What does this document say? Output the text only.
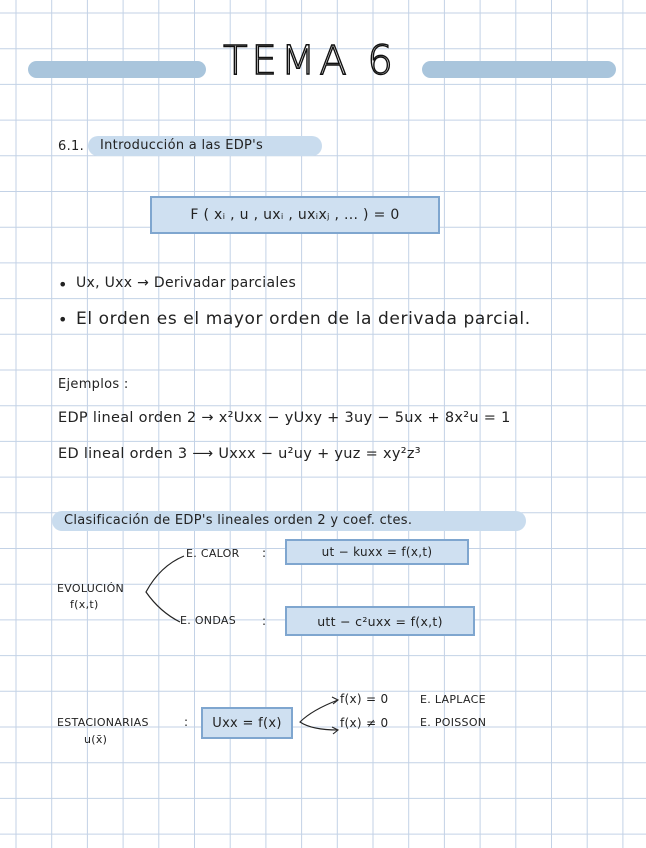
TEMA 6
6.1. Introducción a las EDP's
F ( xᵢ , u , uxᵢ , uxᵢxⱼ , ... ) = 0
• Ux, Uxx → Derivadar parciales
• El orden es el mayor orden de la derivada parcial.
Ejemplos :
EDP lineal orden 2 → x²Uxx − yUxy + 3uy − 5ux + 8x²u = 1
ED lineal orden 3 ⟶ Uxxx − u²uy + yuz = xy²z³
Clasificación de EDP's lineales orden 2 y coef. ctes.
EVOLUCIÓN
f(x,t)
E. CALOR :	ut − kuxx = f(x,t)
E. ONDAS :	utt − c²uxx = f(x,t)
ESTACIONARIAS
u(x̄)
: Uxx = f(x)
f(x) = 0	E. LAPLACE
f(x) ≠ 0	E. POISSON
